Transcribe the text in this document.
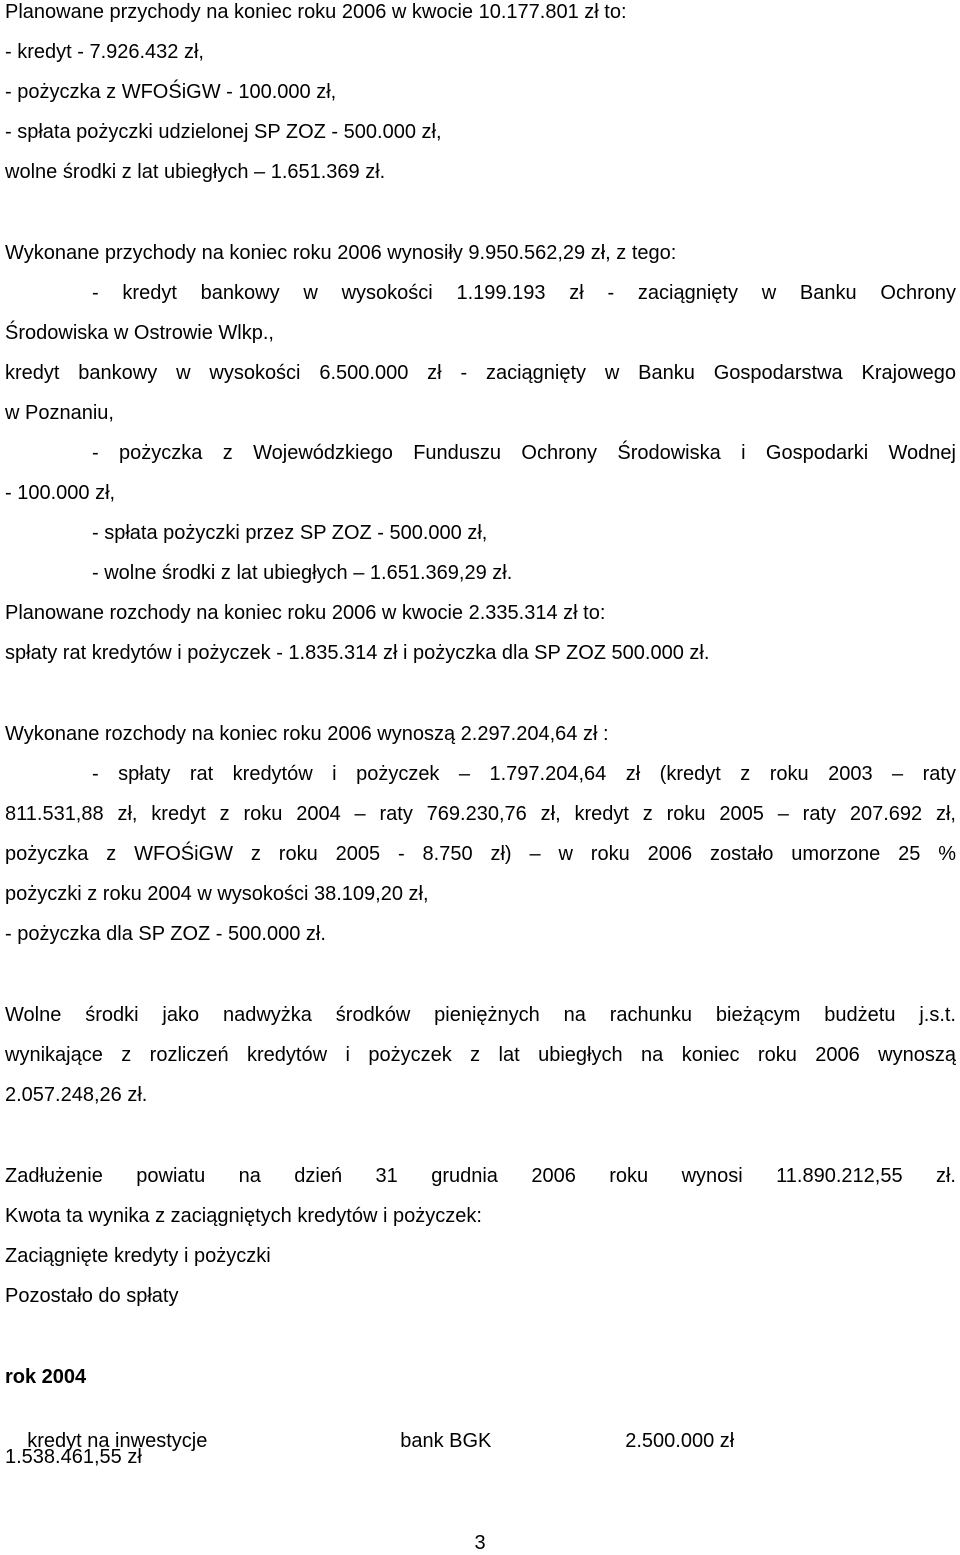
Planowane przychody na koniec roku 2006 w kwocie 10.177.801 zł to:
- kredyt - 7.926.432 zł,
- pożyczka z WFOŚiGW - 100.000 zł,
- spłata pożyczki udzielonej SP ZOZ - 500.000 zł,
wolne środki z lat ubiegłych – 1.651.369 zł.
Wykonane przychody na koniec roku 2006 wynosiły 9.950.562,29 zł, z tego:
- kredyt bankowy w wysokości 1.199.193 zł - zaciągnięty w Banku Ochrony
Środowiska w Ostrowie Wlkp.,
kredyt bankowy w wysokości 6.500.000 zł - zaciągnięty w Banku Gospodarstwa Krajowego
w Poznaniu,
- pożyczka z Wojewódzkiego Funduszu Ochrony Środowiska i Gospodarki Wodnej
- 100.000 zł,
- spłata pożyczki przez SP ZOZ - 500.000 zł,
- wolne środki z lat ubiegłych – 1.651.369,29 zł.
Planowane rozchody na koniec roku 2006 w kwocie 2.335.314 zł to:
spłaty rat kredytów i pożyczek - 1.835.314 zł i pożyczka dla SP ZOZ 500.000 zł.
Wykonane rozchody na koniec roku 2006 wynoszą 2.297.204,64 zł :
- spłaty rat kredytów i pożyczek – 1.797.204,64 zł (kredyt z roku 2003 – raty
811.531,88 zł, kredyt z roku 2004 – raty 769.230,76 zł, kredyt z roku 2005 – raty 207.692 zł,
pożyczka z WFOŚiGW z roku 2005 - 8.750 zł) – w roku 2006 zostało umorzone 25 %
pożyczki z roku 2004 w wysokości 38.109,20 zł,
- pożyczka dla SP ZOZ - 500.000 zł.
Wolne środki jako nadwyżka środków pieniężnych na rachunku bieżącym budżetu j.s.t.
wynikające z rozliczeń kredytów i pożyczek z lat ubiegłych na koniec roku 2006 wynoszą
2.057.248,26 zł.
Zadłużenie powiatu na dzień 31 grudnia 2006 roku wynosi 11.890.212,55 zł.
Kwota ta wynika z zaciągniętych kredytów i pożyczek:
Zaciągnięte kredyty i pożyczki
Pozostało do spłaty
rok 2004

kredyt na inwestycje	bank BGK	2.500.000 zł

1.538.461,55 zł
3
